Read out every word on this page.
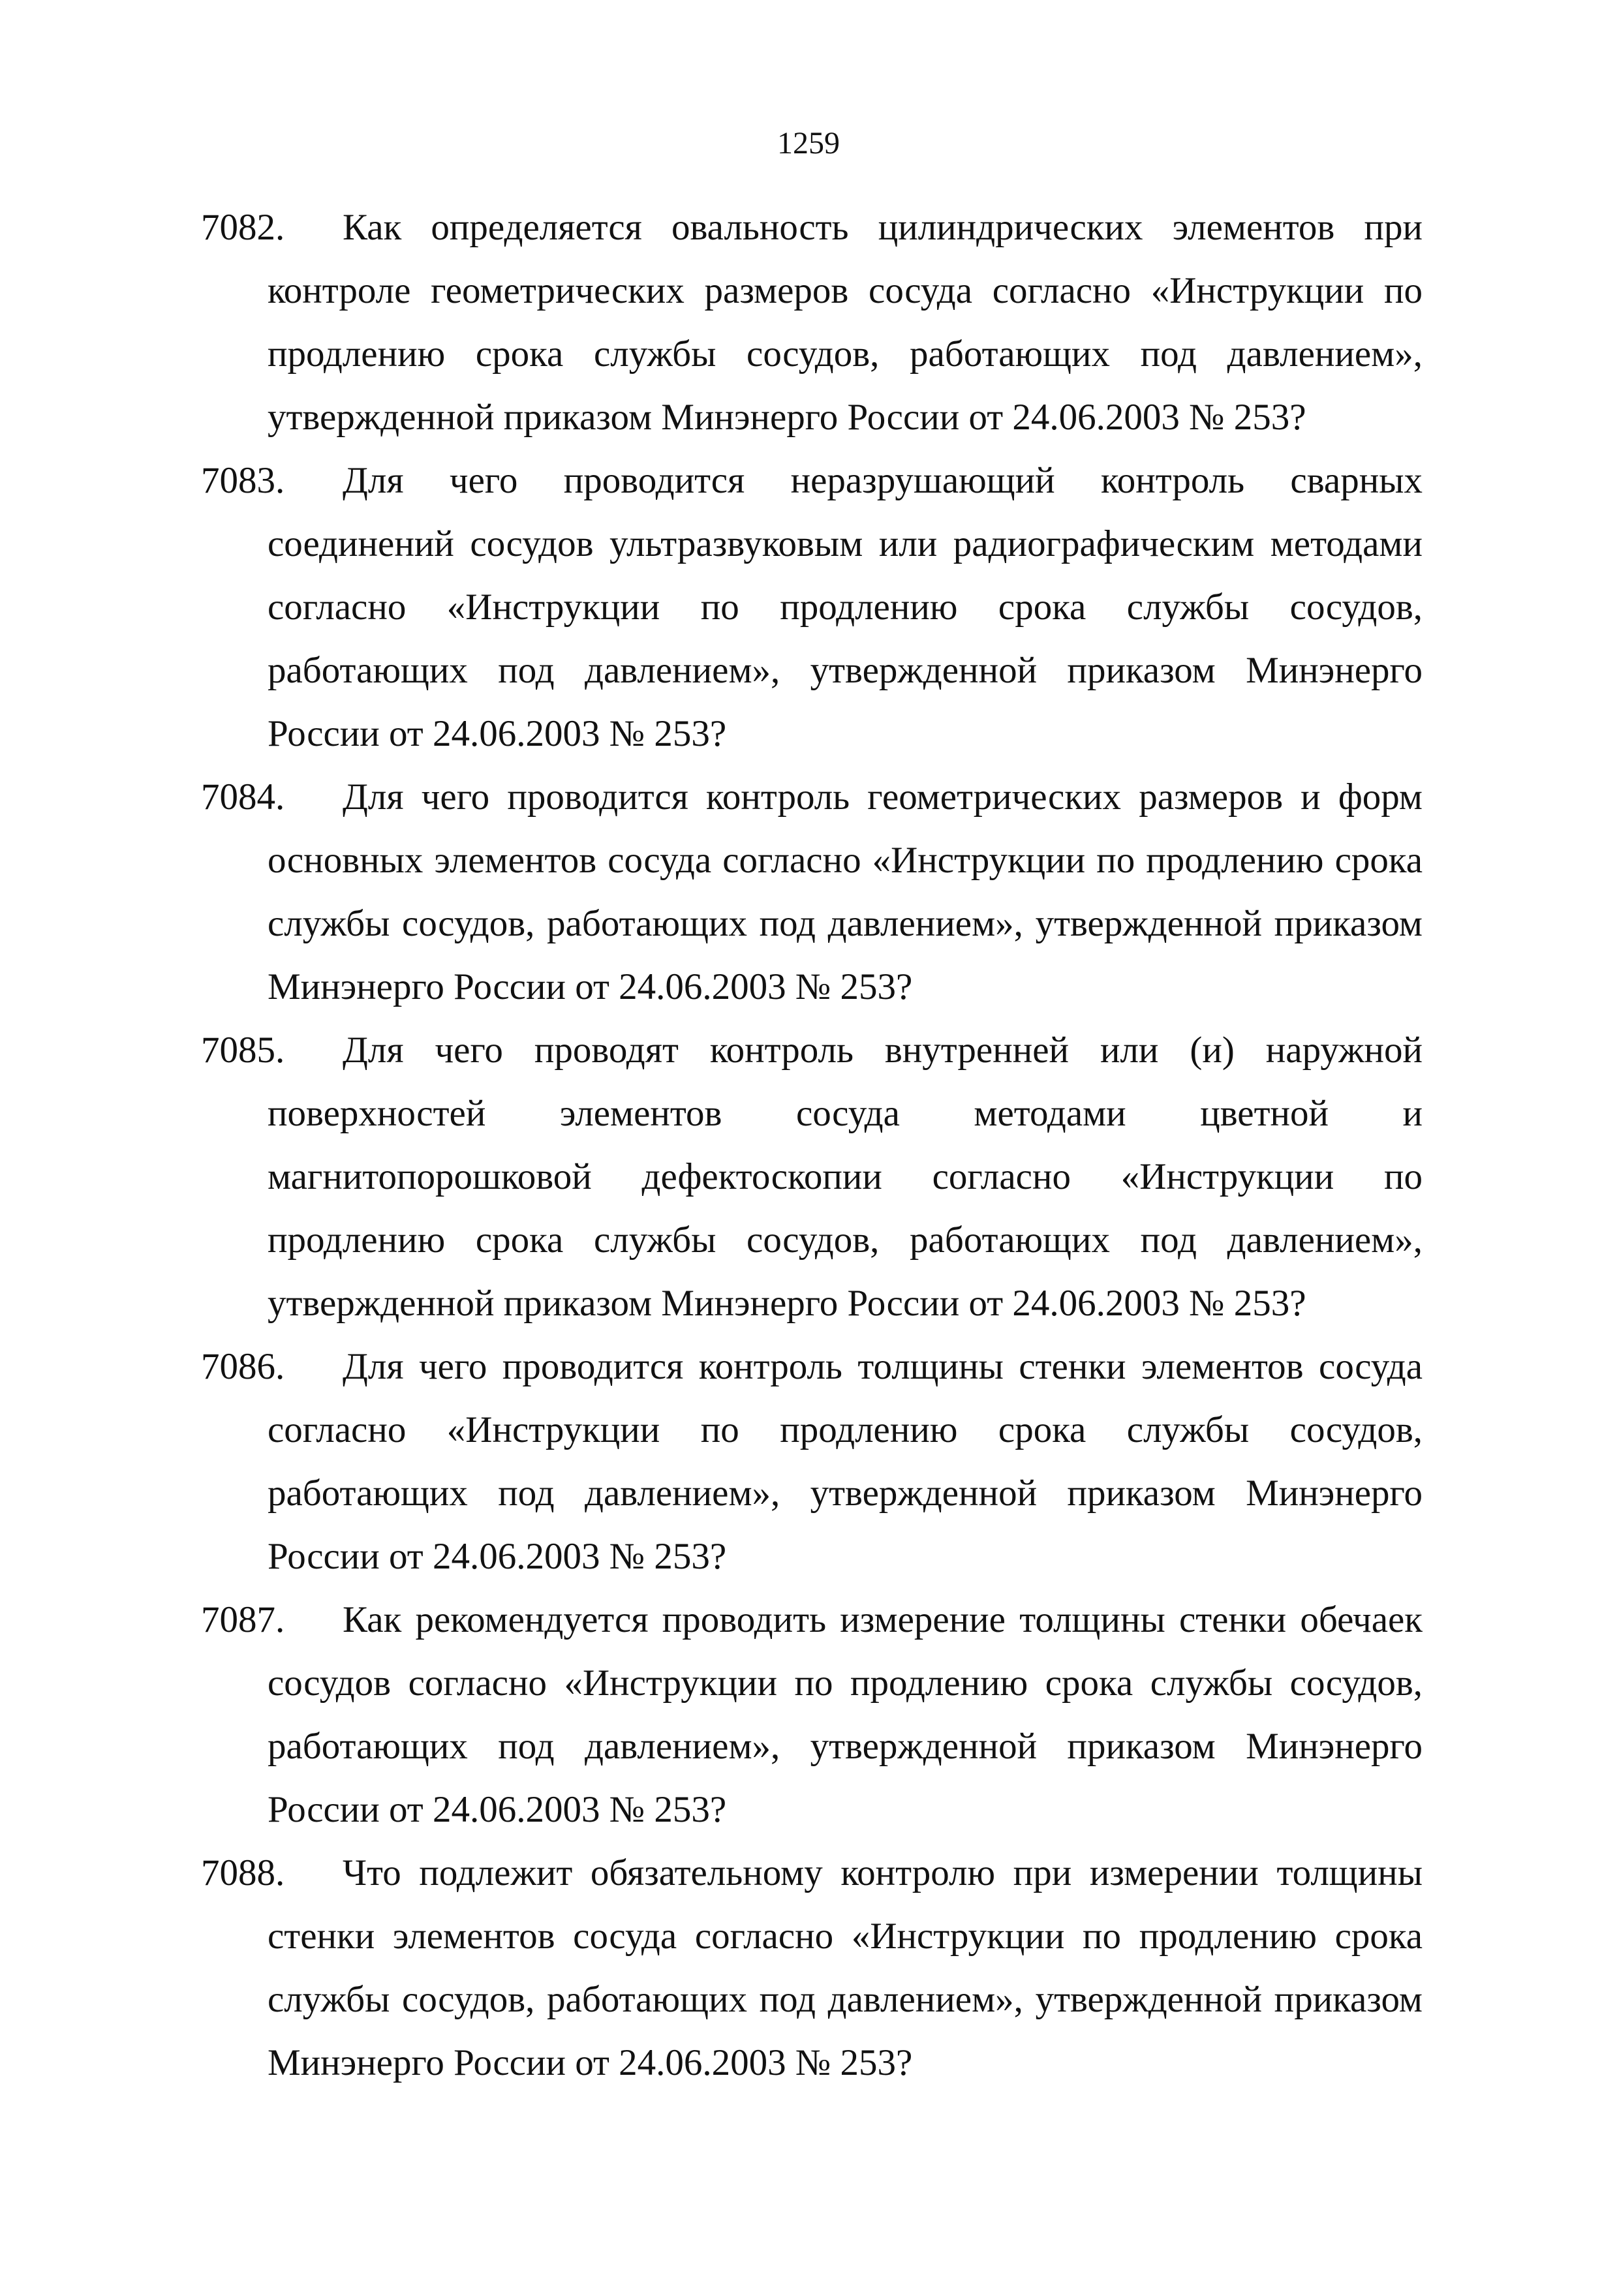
1259
7082.	Как определяется овальность цилиндрических элементов при контроле геометрических размеров сосуда согласно «Инструкции по продлению срока службы сосудов, работающих под давлением», утвержденной приказом Минэнерго России от 24.06.2003 № 253?
7083.	Для чего проводится неразрушающий контроль сварных соединений сосудов ультразвуковым или радиографическим методами согласно «Инструкции по продлению срока службы сосудов, работающих под давлением», утвержденной приказом Минэнерго России от 24.06.2003 № 253?
7084.	Для чего проводится контроль геометрических размеров и форм основных элементов сосуда согласно «Инструкции по продлению срока службы сосудов, работающих под давлением», утвержденной приказом Минэнерго России от 24.06.2003 № 253?
7085.	Для чего проводят контроль внутренней или (и) наружной поверхностей элементов сосуда методами цветной и магнитопорошковой дефектоскопии согласно «Инструкции по продлению срока службы сосудов, работающих под давлением», утвержденной приказом Минэнерго России от 24.06.2003 № 253?
7086.	Для чего проводится контроль толщины стенки элементов сосуда согласно «Инструкции по продлению срока службы сосудов, работающих под давлением», утвержденной приказом Минэнерго России от 24.06.2003 № 253?
7087.	Как рекомендуется проводить измерение толщины стенки обечаек сосудов согласно «Инструкции по продлению срока службы сосудов, работающих под давлением», утвержденной приказом Минэнерго России от 24.06.2003 № 253?
7088.	Что подлежит обязательному контролю при измерении толщины стенки элементов сосуда согласно «Инструкции по продлению срока службы сосудов, работающих под давлением», утвержденной приказом Минэнерго России от 24.06.2003 № 253?
